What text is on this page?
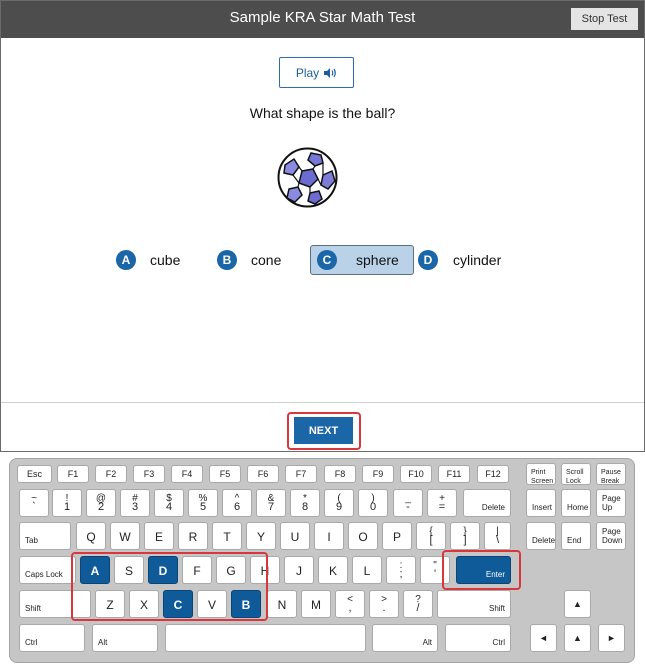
Sample KRA Star Math Test	Stop Test
Play
What shape is the ball?
A	cube	B	cone	C	sphere	D	cylinder
NEXT
Esc	F1	F2	F3	F4	F5	F6	F7	F8	F9	F10	F11	F12	Print
Screen
Scroll
Lock
Pause
Break
~
`
!
1
@
2
#
3
$
4
%
5
^
6
&
7
*
8
(
9
)
0
_
-
+
=	Delete	Insert Home
Page
Up
Tab	Q	W	E	R	T	Y	U	I	O	P	{
[
}
]
|
\	Delete End
Page
Down
Caps Lock	A	S	D	F	G	H	J	K	L	:
;
"
'	Enter
Shift	Z	X	C	V	B	N	M	<
,
>
.
?
/	Shift	▲
Ctrl	Alt	Alt	Ctrl	◄	▲	►
